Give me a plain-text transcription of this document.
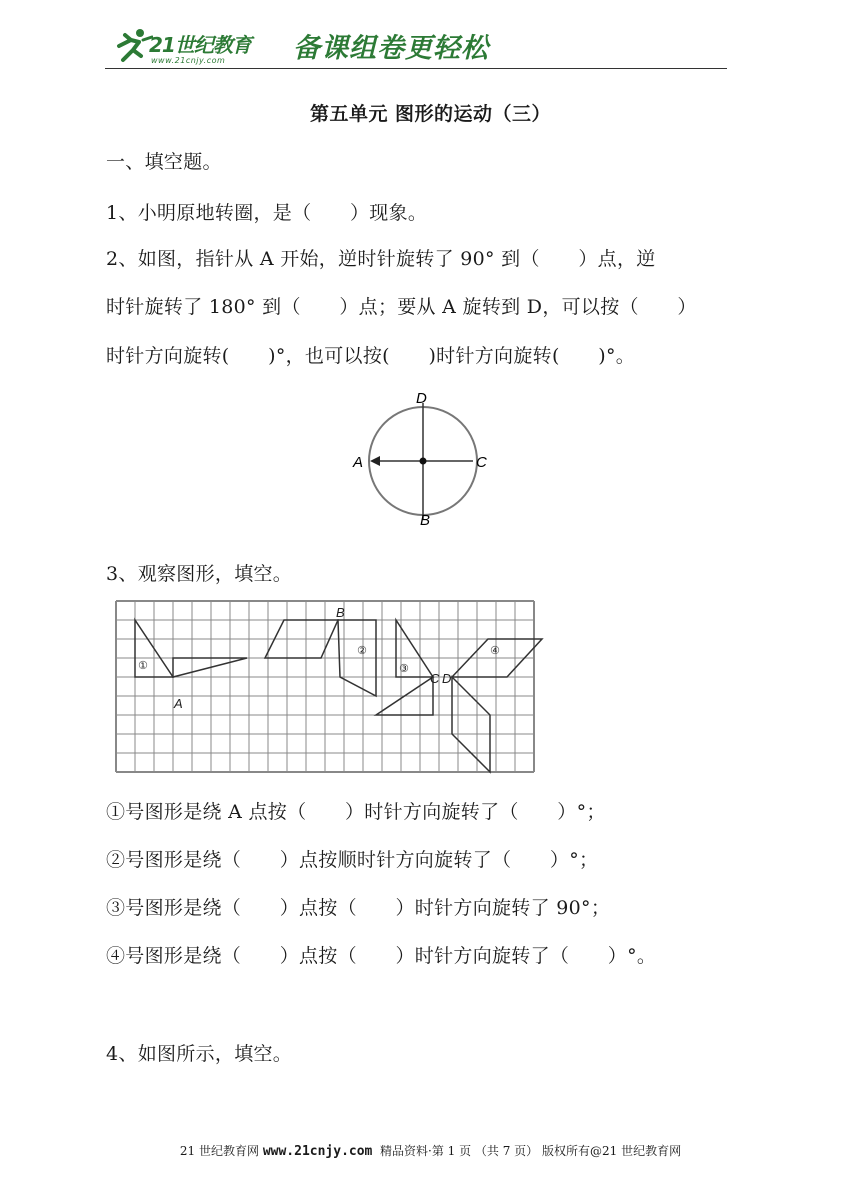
21世纪教育
www.21cnjy.com	备课组卷更轻松
第五单元 图形的运动（三）
一、填空题。
1、小明原地转圈，是（　　）现象。
2、如图，指针从 A 开始，逆时针旋转了 90° 到（　　）点，逆
时针旋转了 180° 到（　　）点；要从 A 旋转到 D，可以按（　　）
时针方向旋转(　　)°，也可以按(　　)时针方向旋转(　　)°。
D
A	C
B
3、观察图形，填空。
A
B
C D
①
②
③
④
①号图形是绕 A 点按（　　）时针方向旋转了（　　）°；
②号图形是绕（　　）点按顺时针方向旋转了（　　）°；
③号图形是绕（　　）点按（　　）时针方向旋转了 90°；
④号图形是绕（　　）点按（　　）时针方向旋转了（　　）°。
4、如图所示，填空。
21 世纪教育网 www.21cnjy.com  精品资料·第 1 页 （共 7 页） 版权所有@21 世纪教育网
